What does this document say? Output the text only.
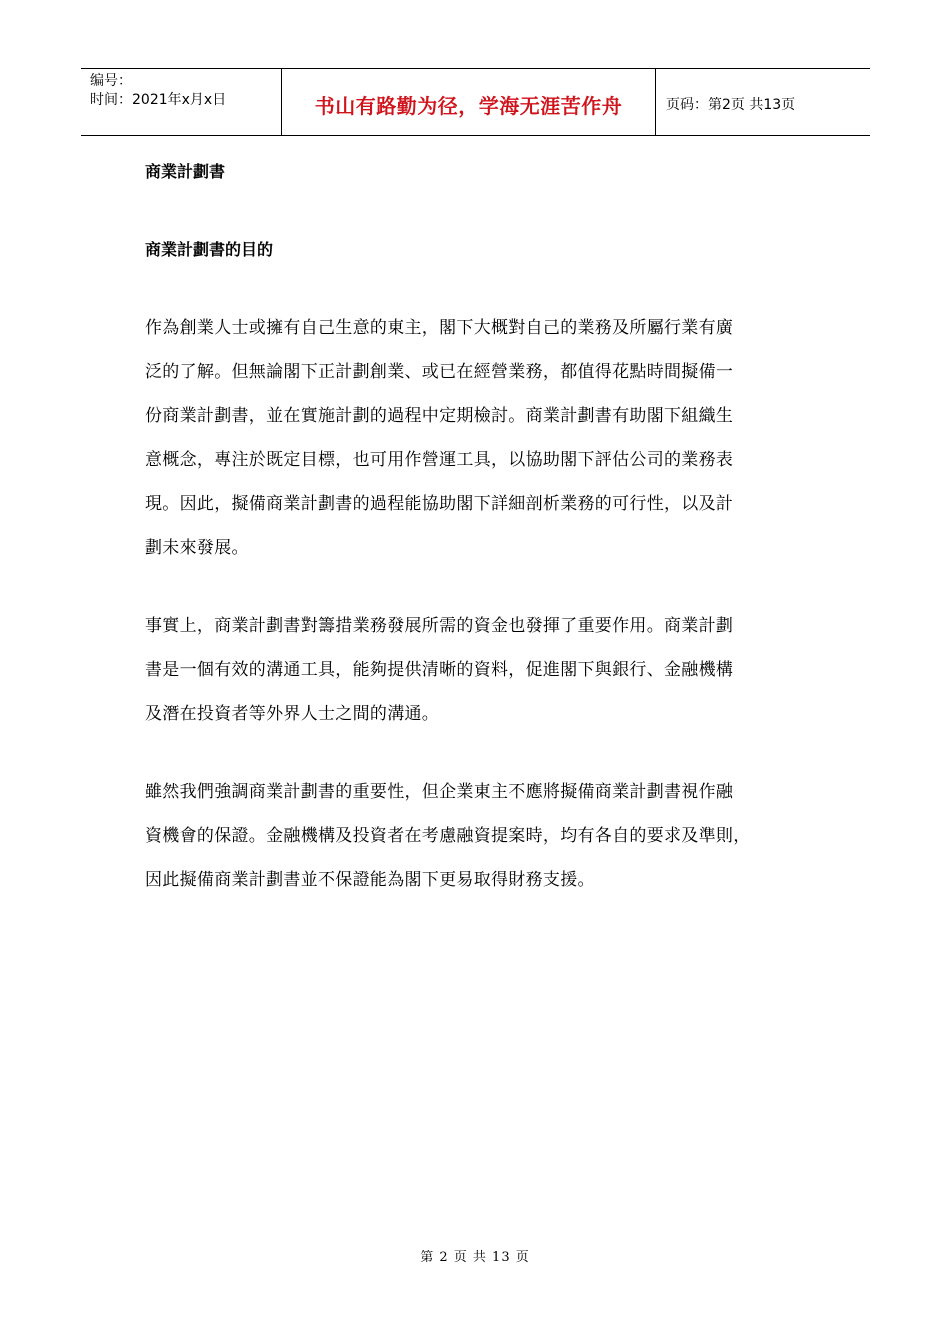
编号：
时间：2021年x月x日	书山有路勤为径，学海无涯苦作舟	页码：第2页 共13页
商業計劃書
商業計劃書的目的
作為創業人士或擁有自己生意的東主，閣下大概對自己的業務及所屬行業有廣
泛的了解。但無論閣下正計劃創業、或已在經營業務，都值得花點時間擬備一
份商業計劃書，並在實施計劃的過程中定期檢討。商業計劃書有助閣下組織生
意概念，專注於既定目標，也可用作營運工具，以協助閣下評估公司的業務表
現。因此，擬備商業計劃書的過程能協助閣下詳細剖析業務的可行性，以及計
劃未來發展。
事實上，商業計劃書對籌措業務發展所需的資金也發揮了重要作用。商業計劃
書是一個有效的溝通工具，能夠提供清晰的資料，促進閣下與銀行、金融機構
及潛在投資者等外界人士之間的溝通。
雖然我們強調商業計劃書的重要性，但企業東主不應將擬備商業計劃書視作融
資機會的保證。金融機構及投資者在考慮融資提案時，均有各自的要求及準則，
因此擬備商業計劃書並不保證能為閣下更易取得財務支援。
第 2 页 共 13 页
